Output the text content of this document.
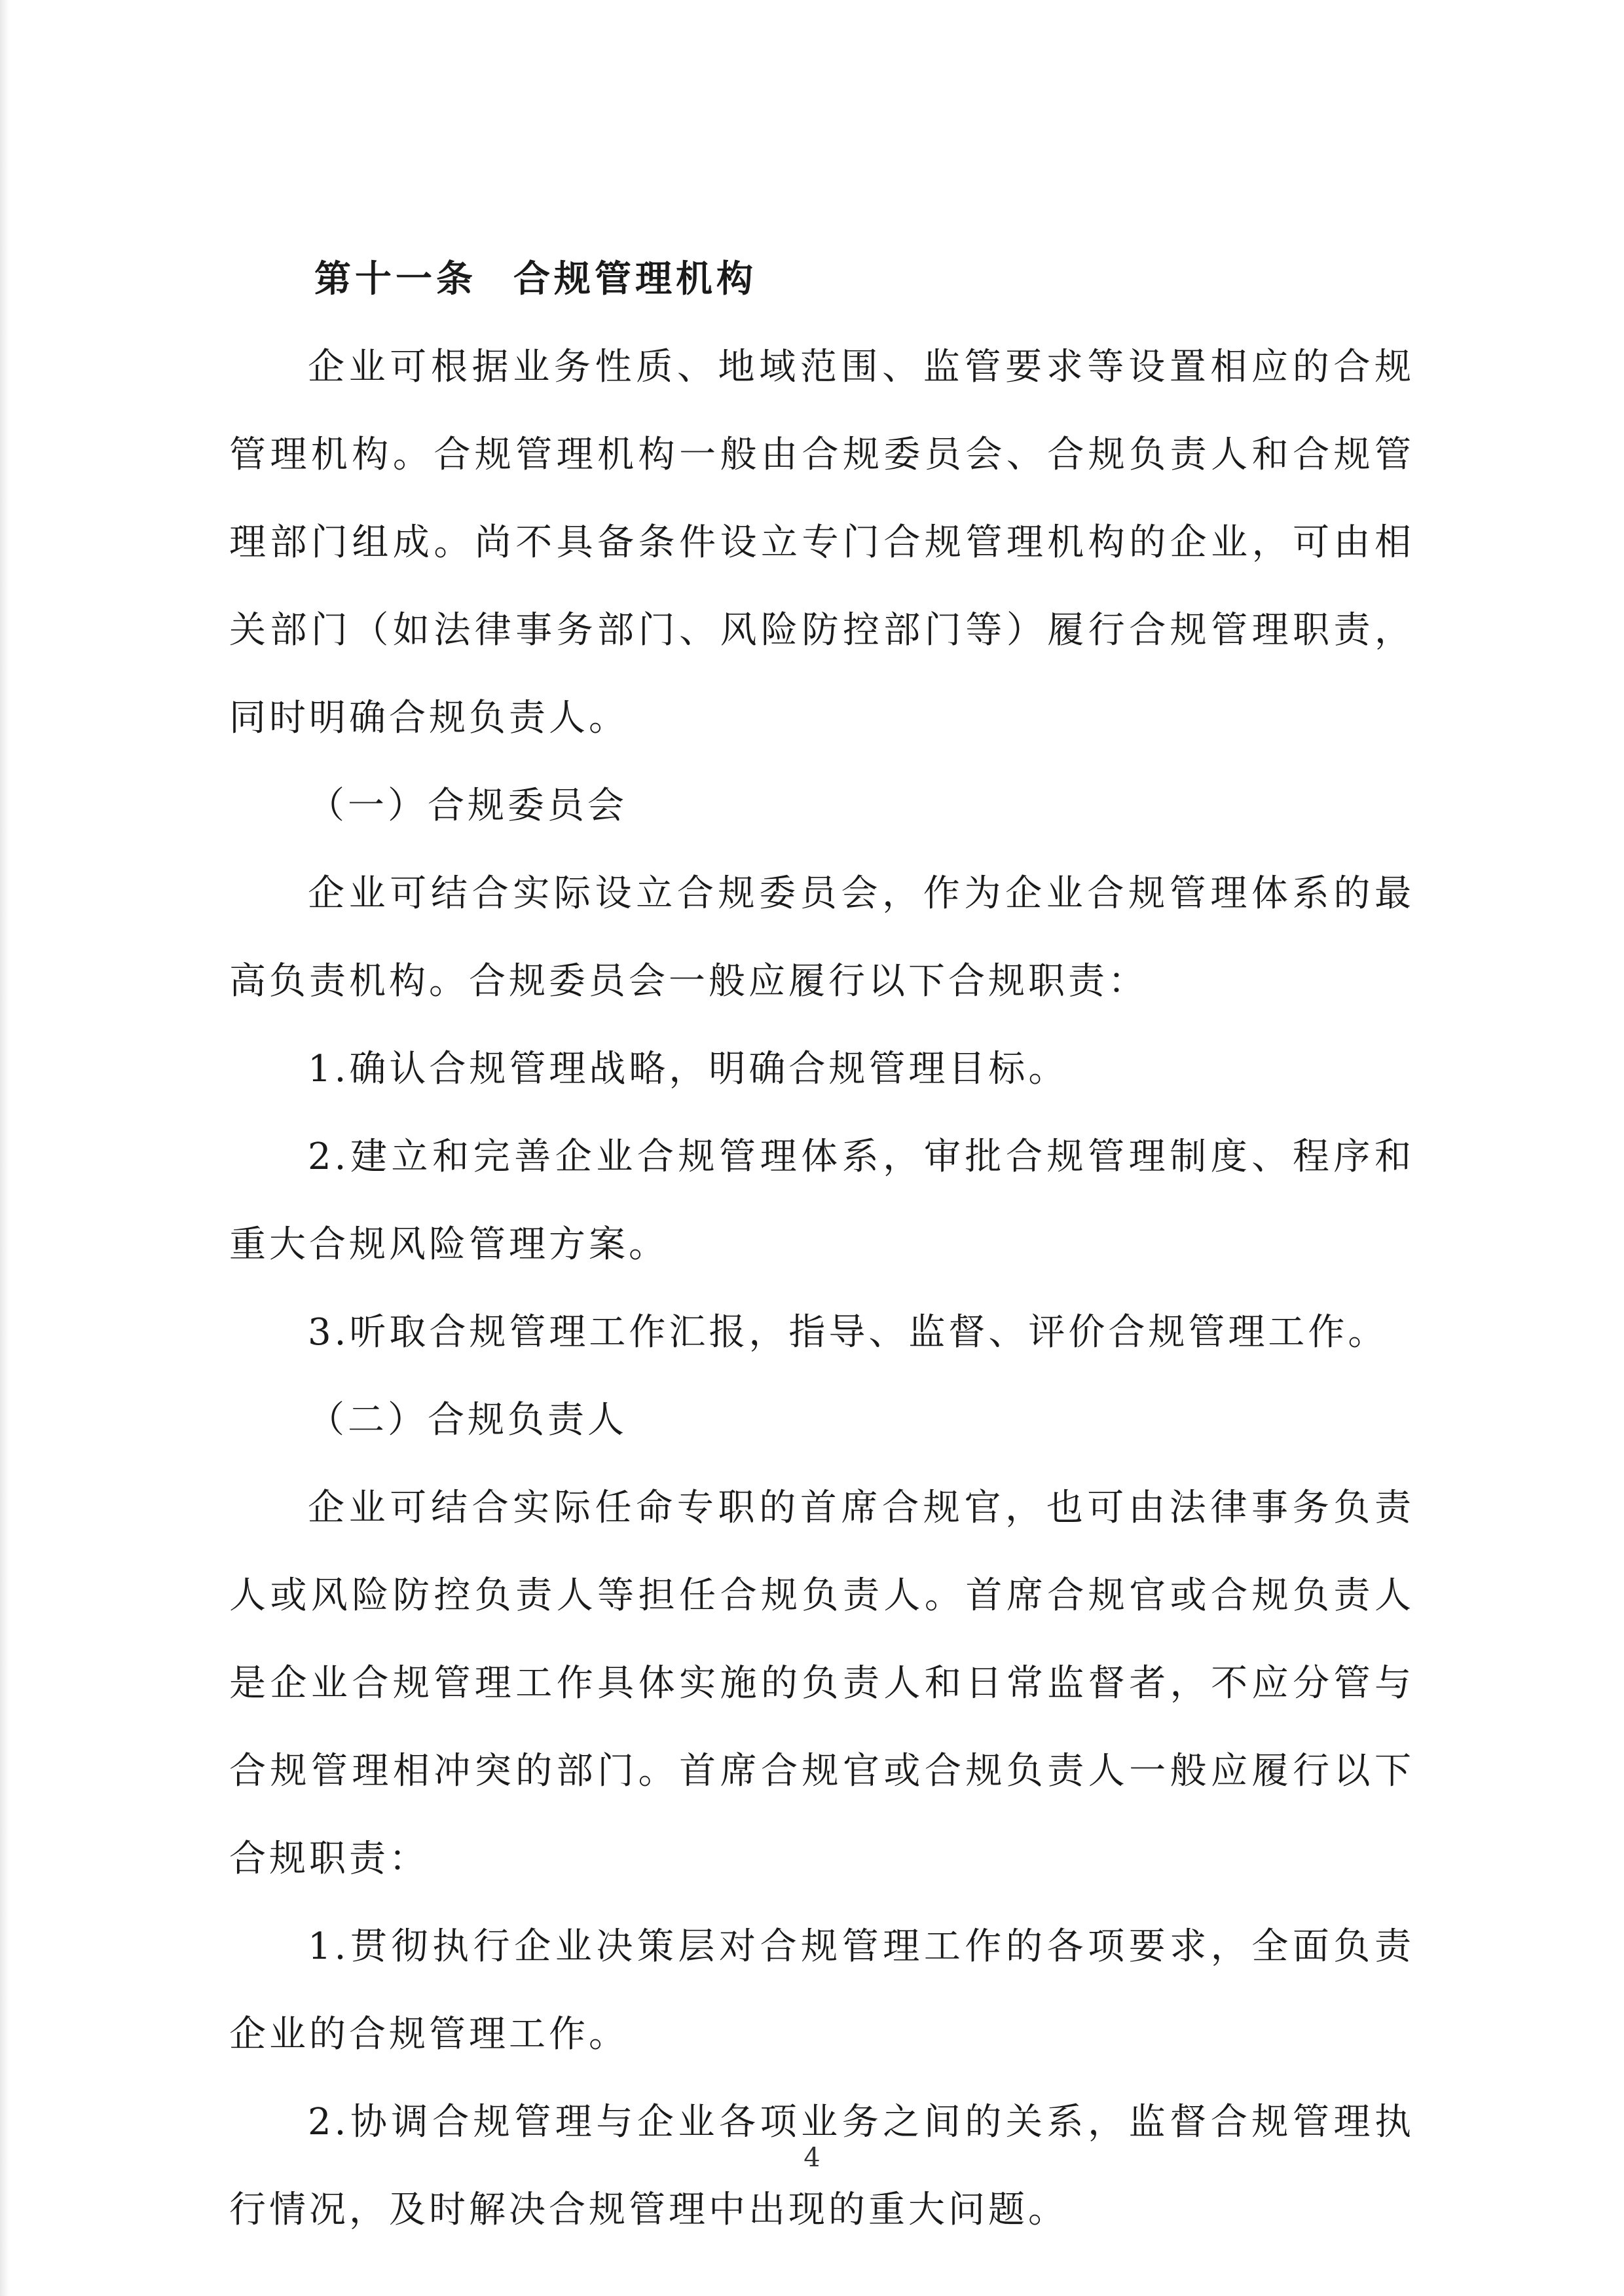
第十一条 合规管理机构

企业可根据业务性质、地域范围、监管要求等设置相应的合规管理机构。合规管理机构一般由合规委员会、合规负责人和合规管理部门组成。尚不具备条件设立专门合规管理机构的企业，可由相关部门（如法律事务部门、风险防控部门等）履行合规管理职责，同时明确合规负责人。

（一）合规委员会

企业可结合实际设立合规委员会，作为企业合规管理体系的最高负责机构。合规委员会一般应履行以下合规职责：

1.确认合规管理战略，明确合规管理目标。

2.建立和完善企业合规管理体系，审批合规管理制度、程序和重大合规风险管理方案。

3.听取合规管理工作汇报，指导、监督、评价合规管理工作。

（二）合规负责人

企业可结合实际任命专职的首席合规官，也可由法律事务负责人或风险防控负责人等担任合规负责人。首席合规官或合规负责人是企业合规管理工作具体实施的负责人和日常监督者，不应分管与合规管理相冲突的部门。首席合规官或合规负责人一般应履行以下合规职责：

1.贯彻执行企业决策层对合规管理工作的各项要求，全面负责企业的合规管理工作。

2.协调合规管理与企业各项业务之间的关系，监督合规管理执行情况，及时解决合规管理中出现的重大问题。

4
